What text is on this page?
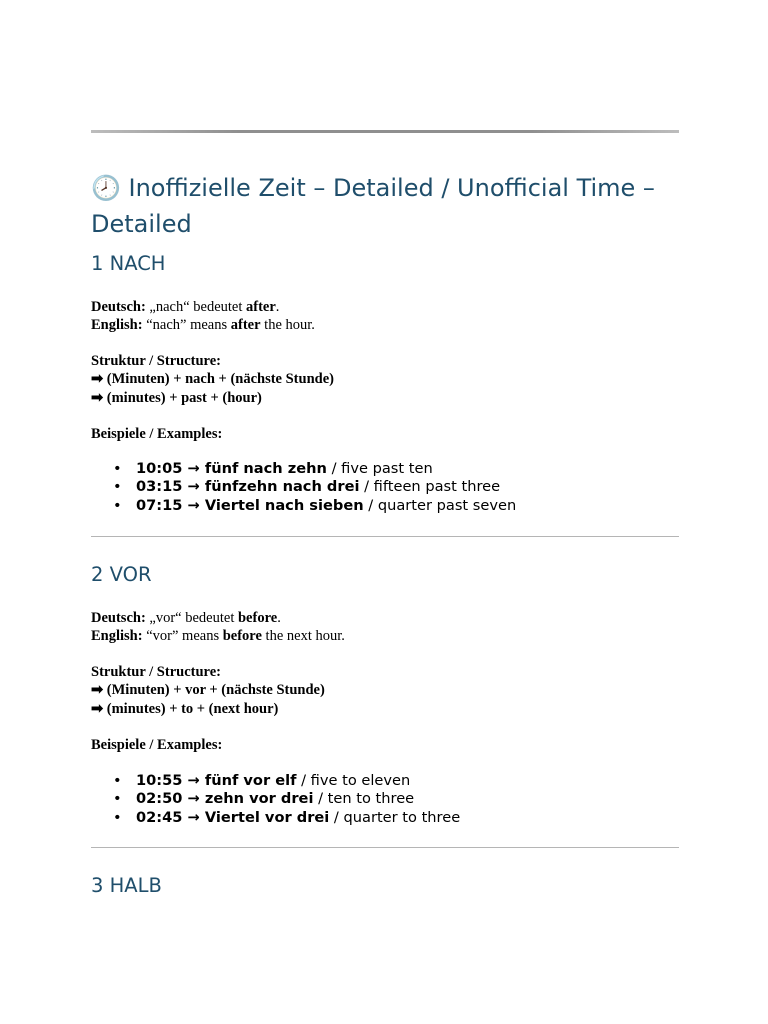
🕗 Inoffizielle Zeit – Detailed / Unofficial Time – Detailed
1 NACH

Deutsch: „nach“ bedeutet after.

English: “nach” means after the hour.

Struktur / Structure:

➡ (Minuten) + nach + (nächste Stunde)

➡ (minutes) + past + (hour)

Beispiele / Examples:

• 10:05 → fünf nach zehn / five past ten
• 03:15 → fünfzehn nach drei / fifteen past three
• 07:15 → Viertel nach sieben / quarter past seven
2 VOR

Deutsch: „vor“ bedeutet before.

English: “vor” means before the next hour.

Struktur / Structure:

➡ (Minuten) + vor + (nächste Stunde)

➡ (minutes) + to + (next hour)

Beispiele / Examples:

• 10:55 → fünf vor elf / five to eleven
• 02:50 → zehn vor drei / ten to three
• 02:45 → Viertel vor drei / quarter to three
3 HALB
